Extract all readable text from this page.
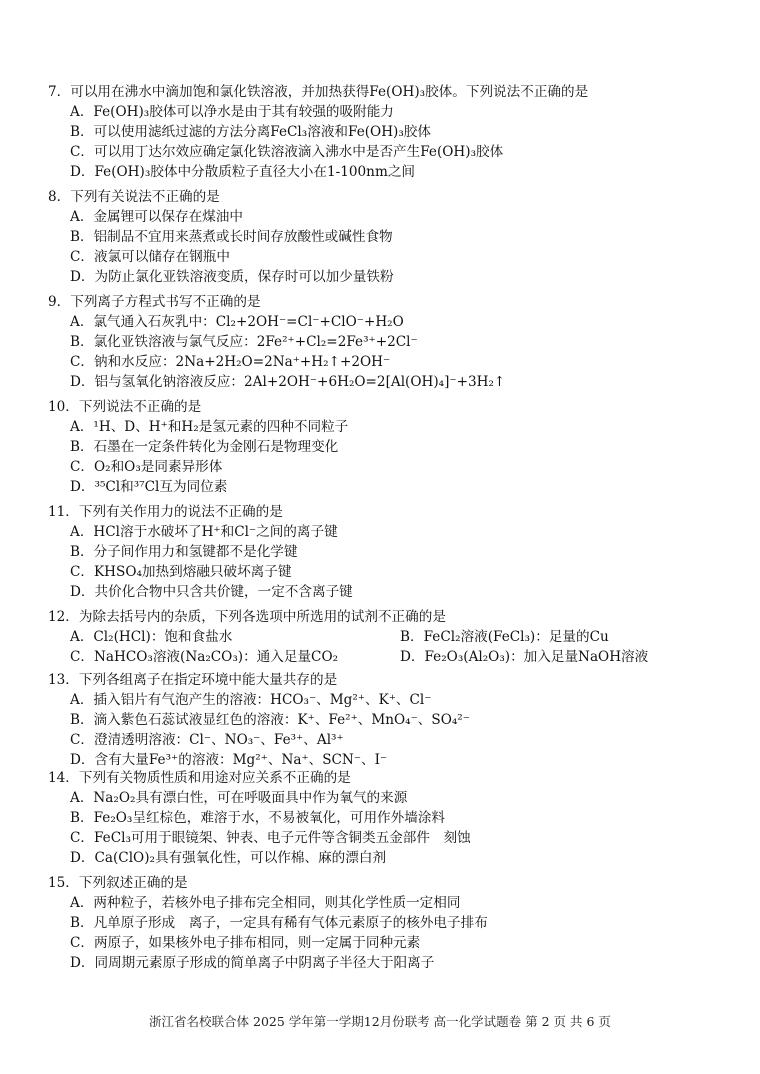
7．可以用在沸水中滴加饱和氯化铁溶液，并加热获得Fe(OH)₃胶体。下列说法不正确的是
A．Fe(OH)₃胶体可以净水是由于其有较强的吸附能力
B．可以使用滤纸过滤的方法分离FeCl₃溶液和Fe(OH)₃胶体
C．可以用丁达尔效应确定氯化铁溶液滴入沸水中是否产生Fe(OH)₃胶体
D．Fe(OH)₃胶体中分散质粒子直径大小在1-100nm之间
8．下列有关说法不正确的是
A．金属锂可以保存在煤油中
B．铝制品不宜用来蒸煮或长时间存放酸性或碱性食物
C．液氯可以储存在钢瓶中
D．为防止氯化亚铁溶液变质，保存时可以加少量铁粉
9．下列离子方程式书写不正确的是
A．氯气通入石灰乳中：Cl₂+2OH⁻=Cl⁻+ClO⁻+H₂O
B．氯化亚铁溶液与氯气反应：2Fe²⁺+Cl₂=2Fe³⁺+2Cl⁻
C．钠和水反应：2Na+2H₂O=2Na⁺+H₂↑+2OH⁻
D．铝与氢氧化钠溶液反应：2Al+2OH⁻+6H₂O=2[Al(OH)₄]⁻+3H₂↑
10．下列说法不正确的是
A．¹H、D、H⁺和H₂是氢元素的四种不同粒子
B．石墨在一定条件转化为金刚石是物理变化
C．O₂和O₃是同素异形体
D．³⁵Cl和³⁷Cl互为同位素
11．下列有关作用力的说法不正确的是
A．HCl溶于水破坏了H⁺和Cl⁻之间的离子键
B．分子间作用力和氢键都不是化学键
C．KHSO₄加热到熔融只破坏离子键
D．共价化合物中只含共价键，一定不含离子键
12．为除去括号内的杂质，下列各选项中所选用的试剂不正确的是
A．Cl₂(HCl)：饱和食盐水	B．FeCl₂溶液(FeCl₃)：足量的Cu
C．NaHCO₃溶液(Na₂CO₃)：通入足量CO₂	D．Fe₂O₃(Al₂O₃)：加入足量NaOH溶液
13．下列各组离子在指定环境中能大量共存的是
A．插入铝片有气泡产生的溶液：HCO₃⁻、Mg²⁺、K⁺、Cl⁻
B．滴入紫色石蕊试液显红色的溶液：K⁺、Fe²⁺、MnO₄⁻、SO₄²⁻
C．澄清透明溶液：Cl⁻、NO₃⁻、Fe³⁺、Al³⁺
D．含有大量Fe³⁺的溶液：Mg²⁺、Na⁺、SCN⁻、I⁻
14．下列有关物质性质和用途对应关系不正确的是
A．Na₂O₂具有漂白性，可在呼吸面具中作为氧气的来源
B．Fe₂O₃呈红棕色，难溶于水，不易被氧化，可用作外墙涂料
C．FeCl₃可用于眼镜架、钟表、电子元件等含铜类五金部件　刻蚀
D．Ca(ClO)₂具有强氧化性，可以作棉、麻的漂白剂
15．下列叙述正确的是
A．两种粒子，若核外电子排布完全相同，则其化学性质一定相同
B．凡单原子形成　离子，一定具有稀有气体元素原子的核外电子排布
C．两原子，如果核外电子排布相同，则一定属于同种元素
D．同周期元素原子形成的简单离子中阴离子半径大于阳离子
浙江省名校联合体 2025 学年第一学期12月份联考 高一化学试题卷 第 2 页 共 6 页
